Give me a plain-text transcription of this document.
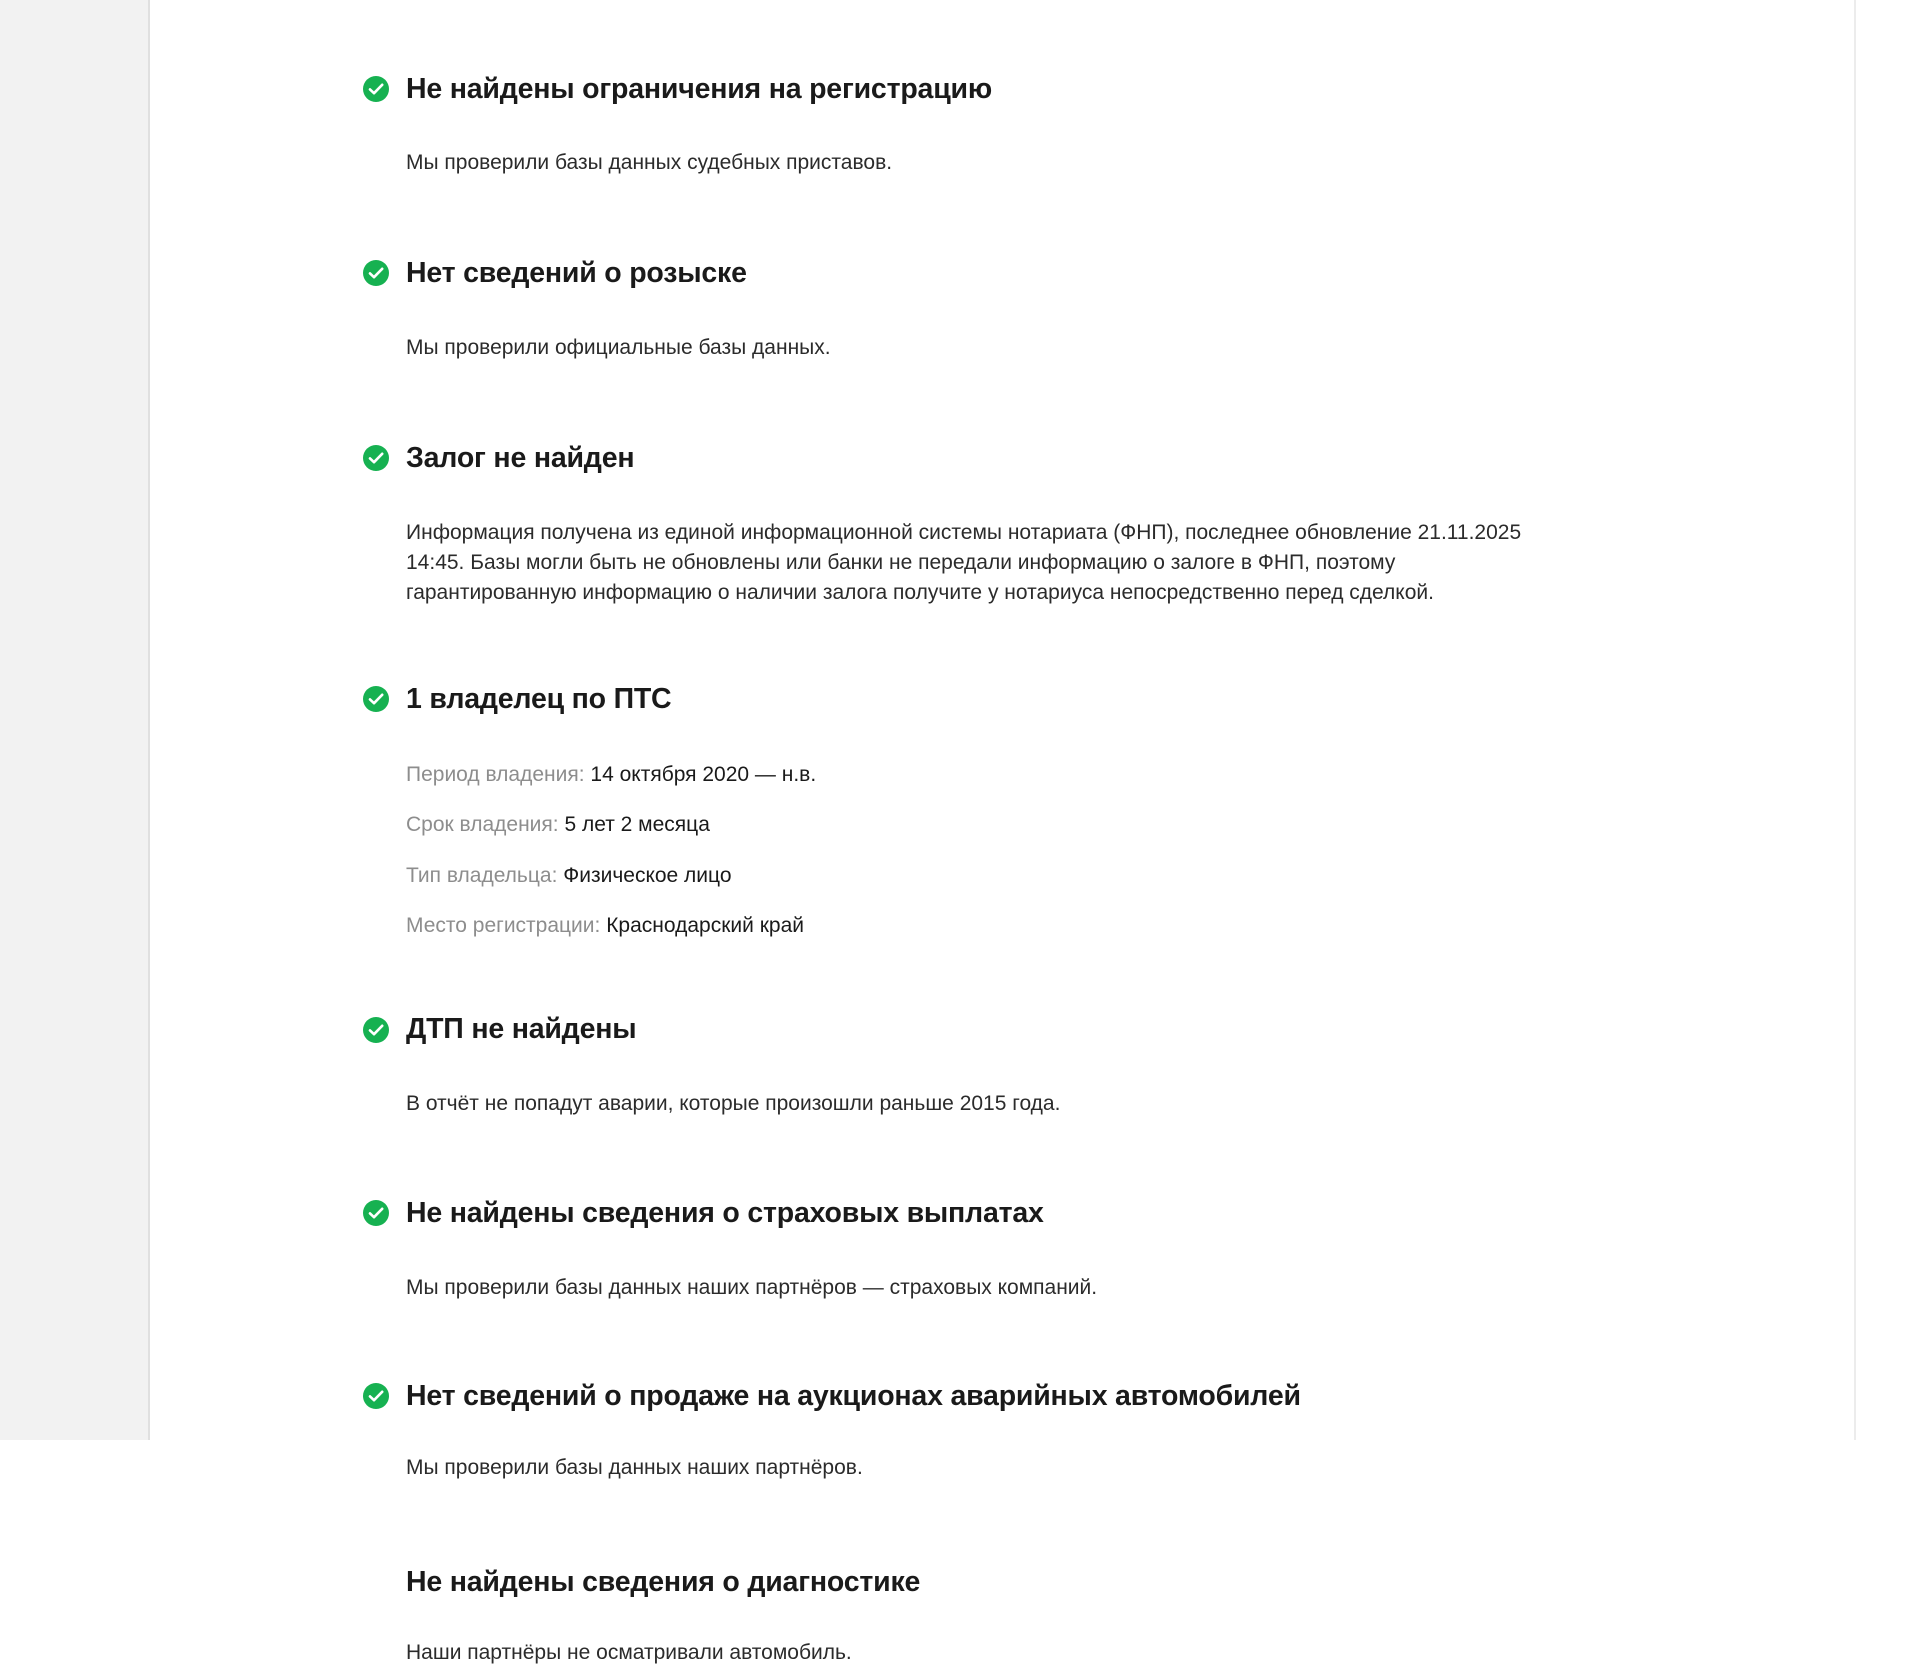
Не найдены ограничения на регистрацию

Мы проверили базы данных судебных приставов.

Нет сведений о розыске

Мы проверили официальные базы данных.

Залог не найден

Информация получена из единой информационной системы нотариата (ФНП), последнее обновление 21.11.2025 14:45. Базы могли быть не обновлены или банки не передали информацию о залоге в ФНП, поэтому гарантированную информацию о наличии залога получите у нотариуса непосредственно перед сделкой.

1 владелец по ПТС
Период владения: 14 октября 2020 — н.в.
Срок владения: 5 лет 2 месяца
Тип владельца: Физическое лицо
Место регистрации: Краснодарский край
ДТП не найдены

В отчёт не попадут аварии, которые произошли раньше 2015 года.

Не найдены сведения о страховых выплатах

Мы проверили базы данных наших партнёров — страховых компаний.

Нет сведений о продаже на аукционах аварийных автомобилей

Мы проверили базы данных наших партнёров.

Не найдены сведения о диагностике

Наши партнёры не осматривали автомобиль.
